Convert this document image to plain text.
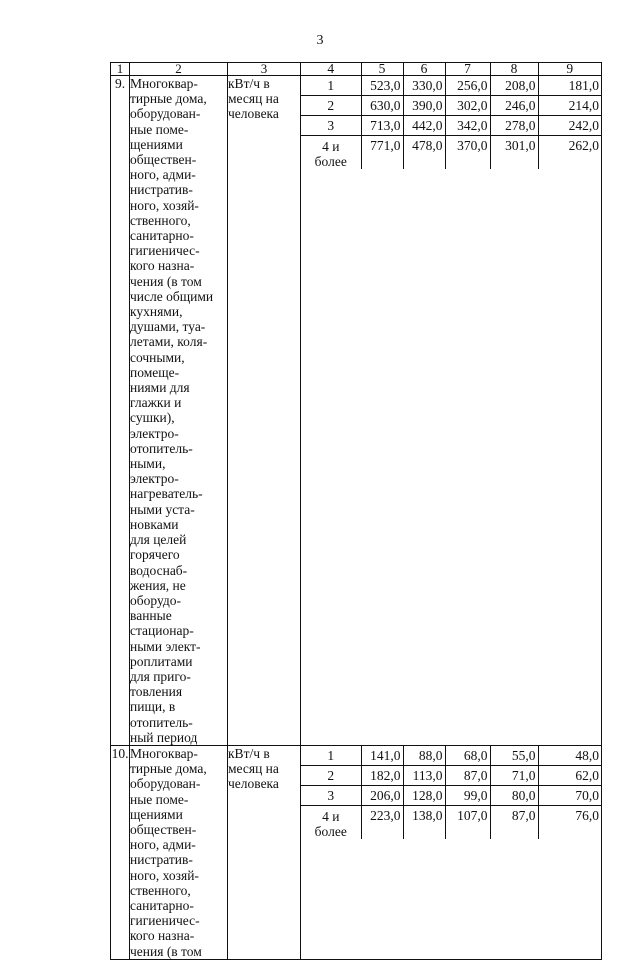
3
1	2	3		4	5	6	7	8	9

9.	Многоквар-
тирные дома,
оборудован-
ные поме-
щениями
обществен-
ного, адми-
нистратив-
ного, хозяй-
ственного,
санитарно-
гигиеничес-
кого назна-
чения (в том
числе общими
кухнями,
душами, туа-
летами, коля-
сочными,
помеще-
ниями для
глажки и
сушки),
электро-
отопитель-
ными,
электро-
нагреватель-
ными уста-
новками
для целей
горячего
водоснаб-
жения, не
оборудо-
ванные
стационар-
ными элект-
роплитами
для приго-
товления
пищи, в
отопитель-
ный период

кВт/ч в
месяц на
человека

1	523,0	330,0	256,0	208,0	181,0

2	630,0	390,0	302,0	246,0	214,0

3	713,0	442,0	342,0	278,0	242,0

4 и
более
	771,0	478,0	370,0	301,0	262,0

10.	Многоквар-
тирные дома,
оборудован-
ные поме-
щениями
обществен-
ного, адми-
нистратив-
ного, хозяй-
ственного,
санитарно-
гигиеничес-
кого назна-
чения (в том

кВт/ч в
месяц на
человека

1	141,0	88,0	68,0	55,0	48,0

2	182,0	113,0	87,0	71,0	62,0

3	206,0	128,0	99,0	80,0	70,0

4 и
более
	223,0	138,0	107,0	87,0	76,0
